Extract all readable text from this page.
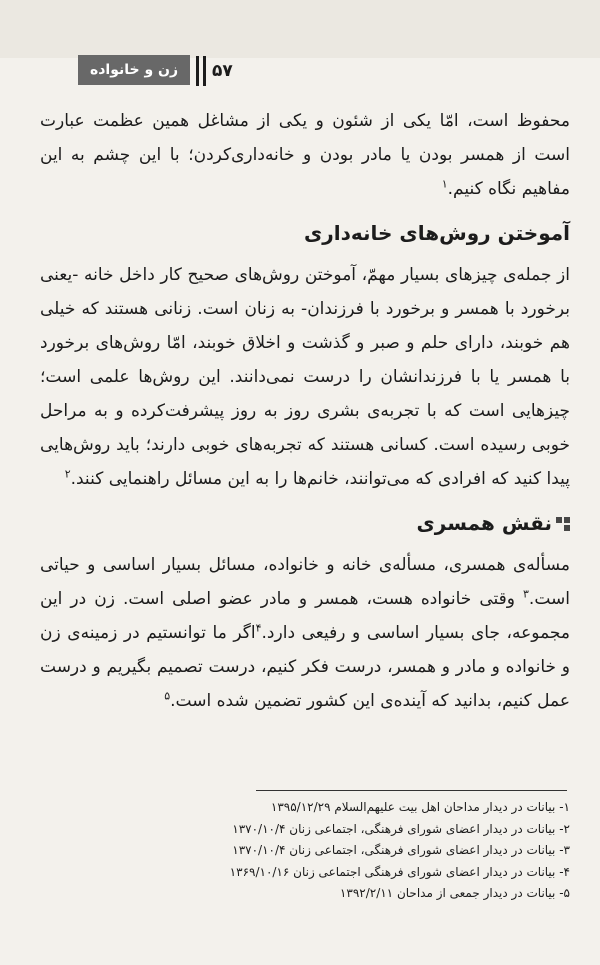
زن و خانواده	۵۷

محفوظ است، امّا یکی از شئون و یکی از مشاغل همین عظمت عبارت است از همسر بودن یا مادر بودن و خانه‌داری‌کردن؛ با این چشم به این مفاهیم نگاه کنیم.$^۱$

آموختن روش‌های خانه‌داری

از جمله‌ی چیزهای بسیار مهمّ، آموختن روش‌های صحیح کار داخل خانه -یعنی برخورد با همسر و برخورد با فرزندان- به زنان است. زنانی هستند که خیلی هم خوبند، دارای حلم و صبر و گذشت و اخلاق خوبند، امّا روش‌های برخورد با همسر یا با فرزندانشان را درست نمی‌دانند. این روش‌ها علمی است؛ چیزهایی است که با تجربه‌ی بشری روز به روز پیشرفت‌کرده و به مراحل خوبی رسیده است. کسانی هستند که تجربه‌های خوبی دارند؛ باید روش‌هایی پیدا کنید که افرادی که می‌توانند، خانم‌ها را به این مسائل راهنمایی کنند.$^۲$

نقش همسری

مسأله‌ی همسری، مسأله‌ی خانه و خانواده، مسائل بسیار اساسی و حیاتی است.$^۳$ وقتی خانواده هست، همسر و مادر عضو اصلی است. زن در این مجموعه، جای بسیار اساسی و رفیعی دارد.$^۴$اگر ما توانستیم در زمینه‌ی زن و خانواده و مادر و همسر، درست فکر کنیم، درست تصمیم بگیریم و درست عمل کنیم، بدانید که آینده‌ی این کشور تضمین شده است.$^۵$

۱- بیانات در دیدار مداحان اهل بیت علیهم‌السلام ۱۳۹۵/۱۲/۲۹
۲- بیانات در دیدار اعضای شورای فرهنگی، اجتماعی زنان ۱۳۷۰/۱۰/۴
۳- بیانات در دیدار اعضای شورای فرهنگی، اجتماعی زنان ۱۳۷۰/۱۰/۴
۴- بیانات در دیدار اعضای شورای فرهنگی اجتماعی زنان ۱۳۶۹/۱۰/۱۶
۵- بیانات در دیدار جمعی از مداحان ۱۳۹۲/۲/۱۱
